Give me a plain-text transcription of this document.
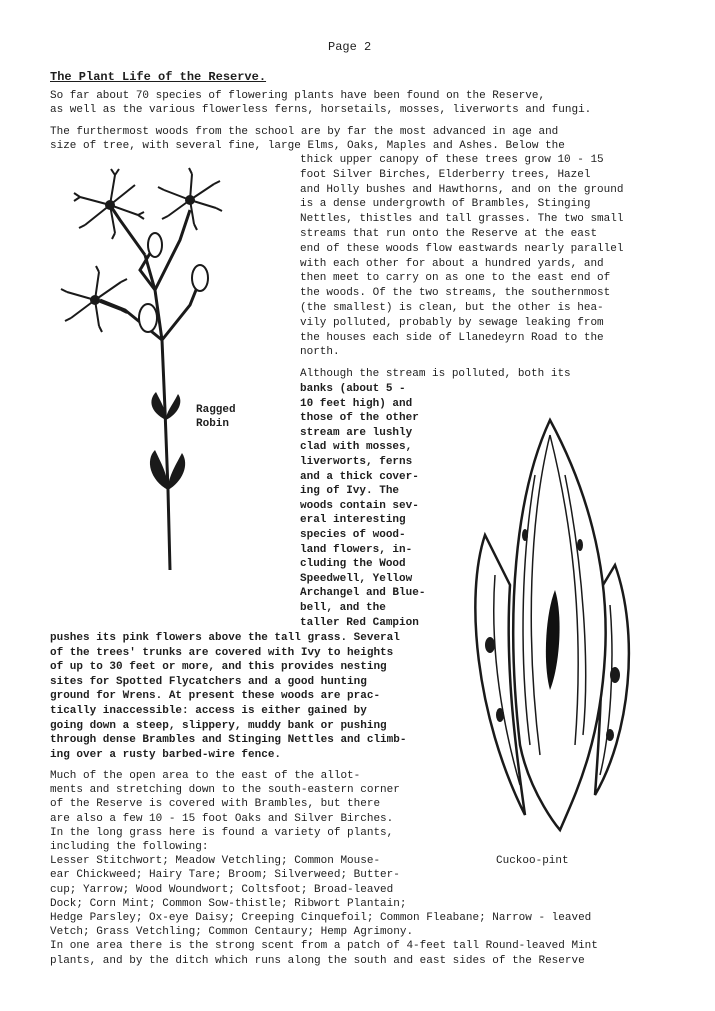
Page 2
The Plant Life of the Reserve.
So far about 70 species of flowering plants have been found on the Reserve,
as well as the various flowerless ferns, horsetails, mosses, liverworts and fungi.
The furthermost woods from the school are by far the most advanced in age and
size of tree, with several fine, large Elms, Oaks, Maples and Ashes. Below the
thick upper canopy of these trees grow 10 - 15
foot Silver Birches, Elderberry trees, Hazel
and Holly bushes and Hawthorns, and on the ground
is a dense undergrowth of Brambles, Stinging
Nettles, thistles and tall grasses. The two small
streams that run onto the Reserve at the east
end of these woods flow eastwards nearly parallel
with each other for about a hundred yards, and
then meet to carry on as one to the east end of
the woods. Of the two streams, the southernmost
(the smallest) is clean, but the other is hea-
vily polluted, probably by sewage leaking from
the houses each side of Llanedeyrn Road to the
north.
Although the stream is polluted, both its
banks (about 5 -
10 feet high) and
those of the other
stream are lushly
clad with mosses,
liverworts, ferns
and a thick cover-
ing of Ivy. The
woods contain sev-
eral interesting
species of wood-
land flowers, in-
cluding the Wood
Speedwell, Yellow
Archangel and Blue-
bell, and the
taller Red Campion
pushes its pink flowers above the tall grass. Several
of the trees' trunks are covered with Ivy to heights
of up to 30 feet or more, and this provides nesting
sites for Spotted Flycatchers and a good hunting
ground for Wrens. At present these woods are prac-
tically inaccessible: access is either gained by
going down a steep, slippery, muddy bank or pushing
through dense Brambles and Stinging Nettles and climb-
ing over a rusty barbed-wire fence.
Much of the open area to the east of the allot-
ments and stretching down to the south-eastern corner
of the Reserve is covered with Brambles, but there
are also a few 10 - 15 foot Oaks and Silver Birches.
In the long grass here is found a variety of plants,
including the following:
Lesser Stitchwort; Meadow Vetchling; Common Mouse-
ear Chickweed; Hairy Tare; Broom; Silverweed; Butter-
cup; Yarrow; Wood Woundwort; Coltsfoot; Broad-leaved
Dock; Corn Mint; Common Sow-thistle; Ribwort Plantain;
Hedge Parsley; Ox-eye Daisy; Creeping Cinquefoil; Common Fleabane; Narrow - leaved
Vetch; Grass Vetchling; Common Centaury; Hemp Agrimony.
In one area there is the strong scent from a patch of 4-feet tall Round-leaved Mint
plants, and by the ditch which runs along the south and east sides of the Reserve
Ragged
Robin
Cuckoo-pint
